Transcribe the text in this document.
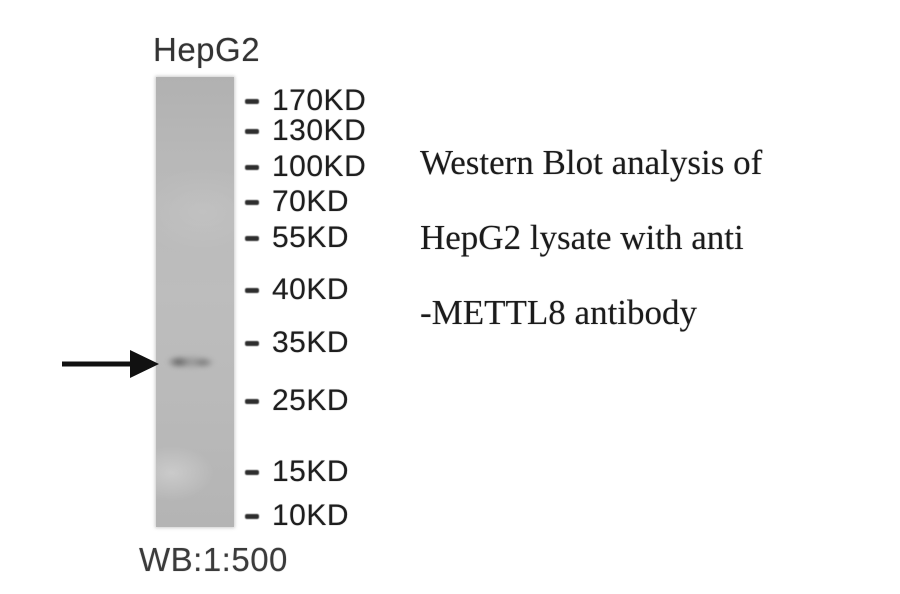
HepG2
170KD
130KD
100KD
70KD
55KD
40KD
35KD
25KD
15KD
10KD
Western Blot analysis of
HepG2 lysate with anti
-METTL8 antibody
WB:1:500
